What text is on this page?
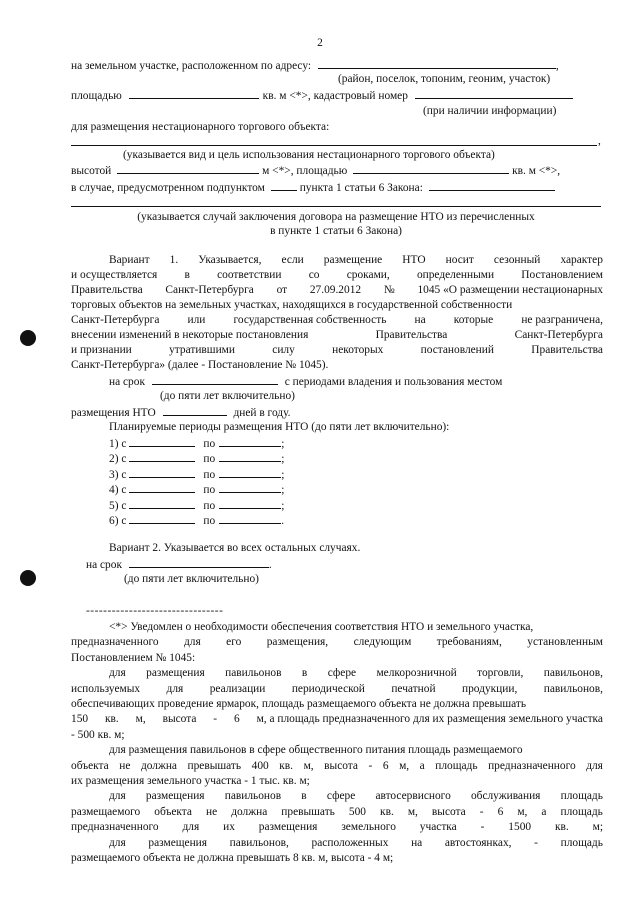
2
на земельном участке, расположенном по адресу:	,
(район, поселок, топоним, геоним, участок)
площадью	кв. м <*>, кадастровый номер
(при наличии информации)
для размещения нестационарного торгового объекта:
,
(указывается вид и цель использования нестационарного торгового объекта)
высотой	м <*>, площадью	кв. м <*>,
в случае, предусмотренном подпунктом	пункта 1 статьи 6 Закона:
(указывается случай заключения договора на размещение НТО из перечисленных
в пункте 1 статьи 6 Закона)
Вариант 1. Указывается, если размещение НТО носит сезонный характер
и осуществляется в соответствии со сроками, определенными Постановлением
Правительства Санкт-Петербурга от 27.09.2012 № 1045 «О размещении нестационарных
торговых объектов на земельных участках, находящихся в государственной собственности
Санкт-Петербурга или государственная собственность на которые не разграничена,
внесении изменений в некоторые постановления	Правительства	Санкт-Петербурга
и признании	утратившими	силу	некоторых	постановлений	Правительства
Санкт-Петербурга» (далее - Постановление № 1045).
на срок	с периодами владения и пользования местом
(до пяти лет включительно)
размещения НТО	дней в году.
Планируемые периоды размещения НТО (до пяти лет включительно):
1) с	по	;
2) с	по	;
3) с	по	;
4) с	по	;
5) с	по	;
6) с	по	.
Вариант 2. Указывается во всех остальных случаях.
на срок	.
(до пяти лет включительно)
--------------------------------
<*> Уведомлен о необходимости обеспечения соответствия НТО и земельного участка,
предназначенного для его размещения, следующим требованиям, установленным
Постановлением № 1045:
для размещения павильонов в сфере мелкорозничной торговли, павильонов,
используемых для реализации периодической печатной продукции, павильонов,
обеспечивающих проведение ярмарок, площадь размещаемого объекта не должна превышать
150 кв. м, высота - 6 м, а площадь предназначенного для их размещения земельного участка
- 500 кв. м;
для размещения павильонов в сфере общественного питания площадь размещаемого
объекта не должна превышать 400 кв. м, высота - 6 м, а площадь предназначенного для
их размещения земельного участка - 1 тыс. кв. м;
для размещения павильонов в сфере автосервисного обслуживания площадь
размещаемого объекта не должна превышать 500 кв. м, высота - 6 м, а площадь
предназначенного для их размещения земельного участка - 1500 кв. м;
для размещения павильонов, расположенных на автостоянках, - площадь
размещаемого объекта не должна превышать 8 кв. м, высота - 4 м;
